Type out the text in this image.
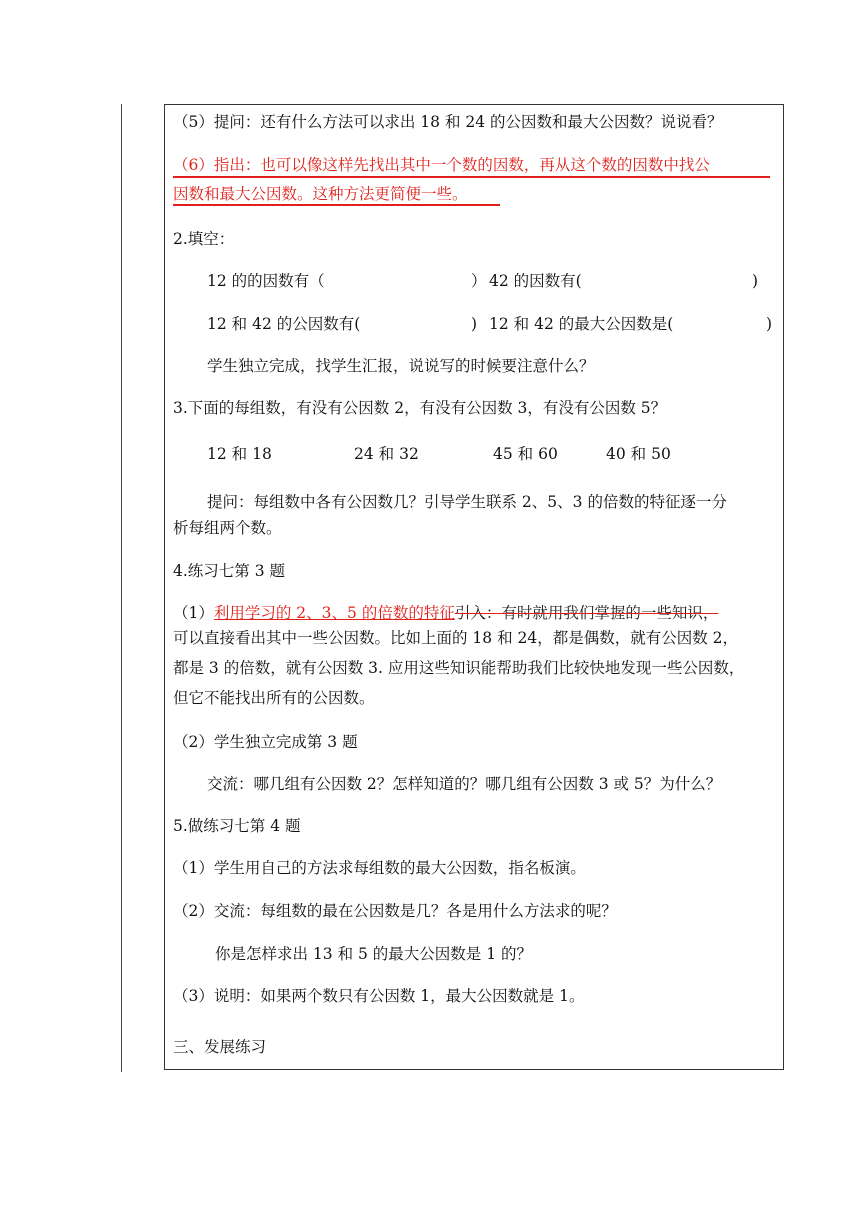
（5）提问：还有什么方法可以求出 18 和 24 的公因数和最大公因数？说说看？
（6）指出：也可以像这样先找出其中一个数的因数，再从这个数的因数中找公
因数和最大公因数。这种方法更简便一些。
2.填空：
12 的的因数有（	） 42 的因数有(	)
12 和 42 的公因数有(	) 12 和 42 的最大公因数是(	)
学生独立完成，找学生汇报，说说写的时候要注意什么？
3.下面的每组数，有没有公因数 2，有没有公因数 3，有没有公因数 5？
12 和 18	24 和 32	45 和 60	40 和 50
提问：每组数中各有公因数几？引导学生联系 2、5、3 的倍数的特征逐一分
析每组两个数。
4.练习七第 3 题
（1）利用学习的 2、3、5 的倍数的特征引入：有时就用我们掌握的一些知识，
可以直接看出其中一些公因数。比如上面的 18 和 24，都是偶数，就有公因数 2，
都是 3 的倍数，就有公因数 3. 应用这些知识能帮助我们比较快地发现一些公因数，
但它不能找出所有的公因数。
（2）学生独立完成第 3 题
交流：哪几组有公因数 2？怎样知道的？哪几组有公因数 3 或 5？为什么？
5.做练习七第 4 题
（1）学生用自己的方法求每组数的最大公因数，指名板演。
（2）交流：每组数的最在公因数是几？各是用什么方法求的呢？
你是怎样求出 13 和 5 的最大公因数是 1 的？
（3）说明：如果两个数只有公因数 1，最大公因数就是 1。
三、发展练习
